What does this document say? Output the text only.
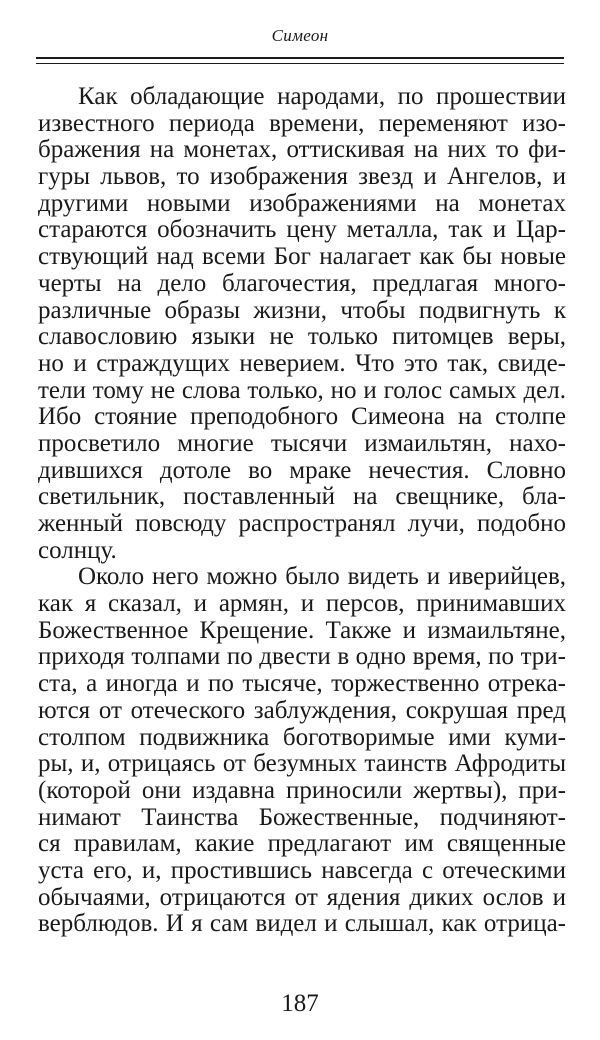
Симеон
Как обладающие народами, по прошествии
известного периода времени, переменяют изо-
бражения на монетах, оттискивая на них то фи-
гуры львов, то изображения звезд и Ангелов, и
другими новыми изображениями на монетах
стараются обозначить цену металла, так и Цар-
ствующий над всеми Бог налагает как бы новые
черты на дело благочестия, предлагая много-
различные образы жизни, чтобы подвигнуть к
славословию языки не только питомцев веры,
но и страждущих неверием. Что это так, свиде-
тели тому не слова только, но и голос самых дел.
Ибо стояние преподобного Симеона на столпе
просветило многие тысячи измаильтян, нахо-
дившихся дотоле во мраке нечестия. Словно
светильник, поставленный на свещнике, бла-
женный повсюду распространял лучи, подобно
солнцу.
Около него можно было видеть и иверийцев,
как я сказал, и армян, и персов, принимавших
Божественное Крещение. Также и измаильтяне,
приходя толпами по двести в одно время, по три-
ста, а иногда и по тысяче, торжественно отрека-
ются от отеческого заблуждения, сокрушая пред
столпом подвижника боготворимые ими куми-
ры, и, отрицаясь от безумных таинств Афродиты
(которой они издавна приносили жертвы), при-
нимают Таинства Божественные, подчиняют-
ся правилам, какие предлагают им священные
уста его, и, простившись навсегда с отеческими
обычаями, отрицаются от ядения диких ослов и
верблюдов. И я сам видел и слышал, как отрица-
187
